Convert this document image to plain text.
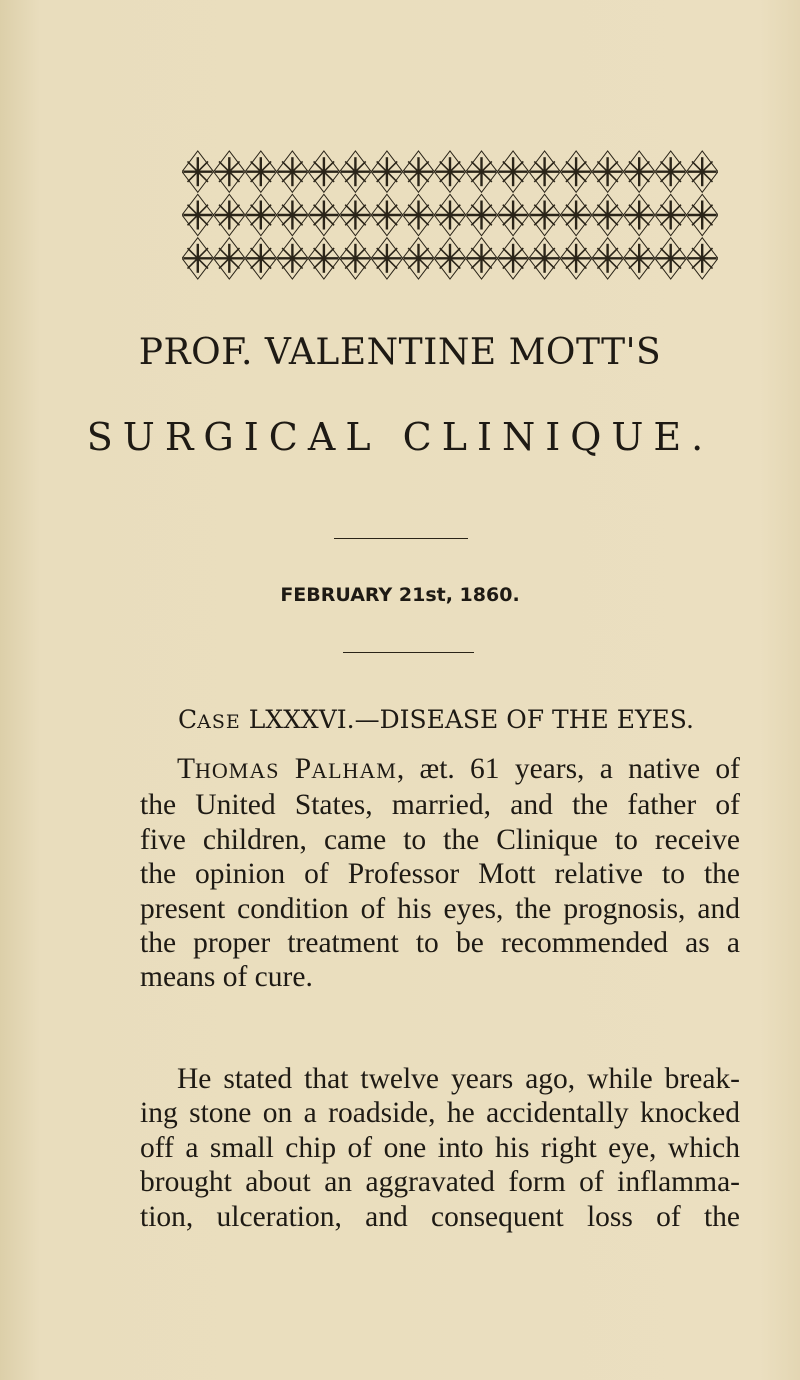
PROF. VALENTINE MOTT'S
SURGICAL CLINIQUE.
FEBRUARY 21st, 1860.
CASE LXXXVI.—DISEASE OF THE EYES.
THOMAS PALHAM, æt. 61 years, a native of
the United States, married, and the father of
five children, came to the Clinique to receive
the opinion of Professor Mott relative to the
present condition of his eyes, the prognosis, and
the proper treatment to be recommended as a
means of cure.
He stated that twelve years ago, while break-
ing stone on a roadside, he accidentally knocked
off a small chip of one into his right eye, which
brought about an aggravated form of inflamma-
tion, ulceration, and consequent loss of the
